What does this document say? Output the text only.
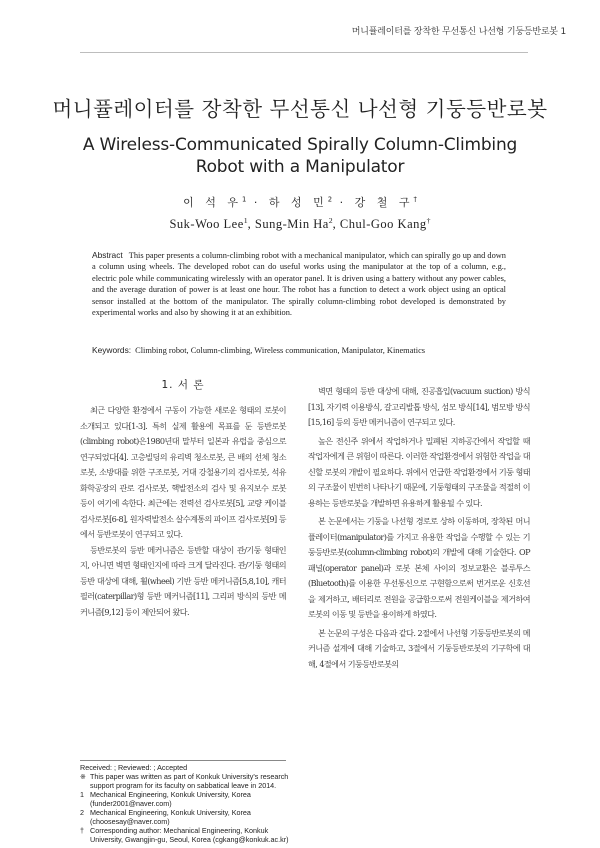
머니퓰레이터를 장착한 무선통신 나선형 기둥등반로봇 1
머니퓰레이터를 장착한 무선통신 나선형 기둥등반로봇
A Wireless-Communicated Spirally Column-Climbing
Robot with a Manipulator
이 석 우$^1$ · 하 성 민$^2$ · 강 철 구†
Suk-Woo Lee$^1$, Sung-Min Ha$^2$, Chul-Goo Kang†
Abstract This paper presents a column-climbing robot with a mechanical manipulator, which can spirally go up and down a column using wheels. The developed robot can do useful works using the manipulator at the top of a column, e.g., electric pole while communicating wirelessly with an operator panel. It is driven using a battery without any power cables, and the average duration of power is at least one hour. The robot has a function to detect a work object using an optical sensor installed at the bottom of the manipulator. The spirally column-climbing robot developed is demonstrated by experimental works and also by showing it at an exhibition.
Keywords: Climbing robot, Column-climbing, Wireless communication, Manipulator, Kinematics
1. 서 론

최근 다양한 환경에서 구동이 가능한 새로운 형태의 로봇이 소개되고 있다[1-3]. 특히 실제 활용에 목표를 둔 등반로봇(climbing robot)은1980년대 말부터 일본과 유럽을 중심으로 연구되었다[4]. 고층빌딩의 유리벽 청소로봇, 큰 배의 선체 청소로봇, 소방대를 위한 구조로봇, 거대 강철용기의 검사로봇, 석유화학공장의 관로 검사로봇, 핵발전소의 검사 및 유지보수 로봇 등이 여기에 속한다. 최근에는 전력선 검사로봇[5], 교량 케이블 검사로봇[6-8], 원자력발전소 살수계통의 파이프 검사로봇[9] 등에서 등반로봇이 연구되고 있다.

등반로봇의 등반 메커니즘은 등반할 대상이 관/기둥 형태인지, 아니면 벽면 형태인지에 따라 크게 달라진다. 관/기둥 형태의 등반 대상에 대해, 휠(wheel) 기반 등반 메커니즘[5,8,10], 캐터필러(caterpillar)형 등반 메커니즘[11], 그리퍼 방식의 등반 메커니즘[9,12] 등이 제안되어 왔다.

벽면 형태의 등반 대상에 대해, 진공흡입(vacuum suction) 방식[13], 자기력 이용방식, 갈고리발톱 방식, 섬모 방식[14], 범모방 방식[15,16] 등의 등반 메커니즘이 연구되고 있다.

높은 전신주 위에서 작업하거나 밀폐된 지하공간에서 작업할 때 작업자에게 큰 위험이 따른다. 이러한 작업환경에서 위험한 작업을 대신할 로봇의 개발이 필요하다. 위에서 언급한 작업환경에서 기둥 형태의 구조물이 빈번히 나타나기 때문에, 기둥형태의 구조물을 적절히 이용하는 등반로봇을 개발하면 유용하게 활용될 수 있다.

본 논문에서는 기둥을 나선형 경로로 상하 이동하며, 장착된 머니퓰레이터(manipulator)를 가지고 유용한 작업을 수행할 수 있는 기둥등반로봇(column-climbing robot)의 개발에 대해 기술한다. OP 패널(operator panel)과 로봇 본체 사이의 정보교환은 블루투스(Bluetooth)를 이용한 무선통신으로 구현함으로써 번거로운 신호선을 제거하고, 배터리로 전원을 공급함으로써 전원케이블을 제거하여 로봇의 이동 및 등반을 용이하게 하였다.

본 논문의 구성은 다음과 같다. 2절에서 나선형 기둥등반로봇의 메커니즘 설계에 대해 기술하고, 3절에서 기둥등반로봇의 기구학에 대해, 4절에서 기둥등반로봇의

Received: ; Reviewed: ; Accepted
※ This paper was written as part of Konkuk University's research support program for its faculty on sabbatical leave in 2014.
1 Mechanical Engineering, Konkuk University, Korea (funder2001@naver.com)
2 Mechanical Engineering, Konkuk University, Korea (choosesay@naver.com)
† Corresponding author: Mechanical Engineering, Konkuk University, Gwangjin-gu, Seoul, Korea (cgkang@konkuk.ac.kr)
